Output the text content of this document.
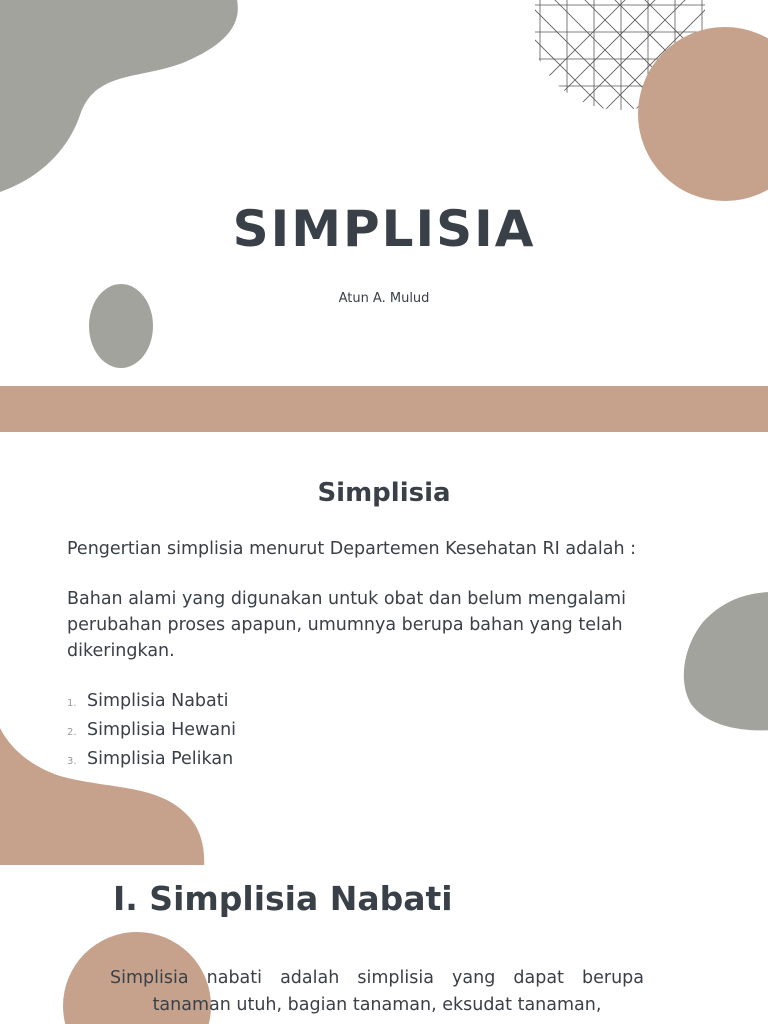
SIMPLISIA
Atun A. Mulud
Simplisia
Pengertian simplisia menurut Departemen Kesehatan RI adalah :
Bahan alami yang digunakan untuk obat dan belum mengalami perubahan proses apapun, umumnya berupa bahan yang telah dikeringkan.
1. Simplisia Nabati
2. Simplisia Hewani
3. Simplisia Pelikan
I. Simplisia Nabati
Simplisia nabati adalah simplisia yang dapat berupa tanaman utuh, bagian tanaman, eksudat tanaman,
